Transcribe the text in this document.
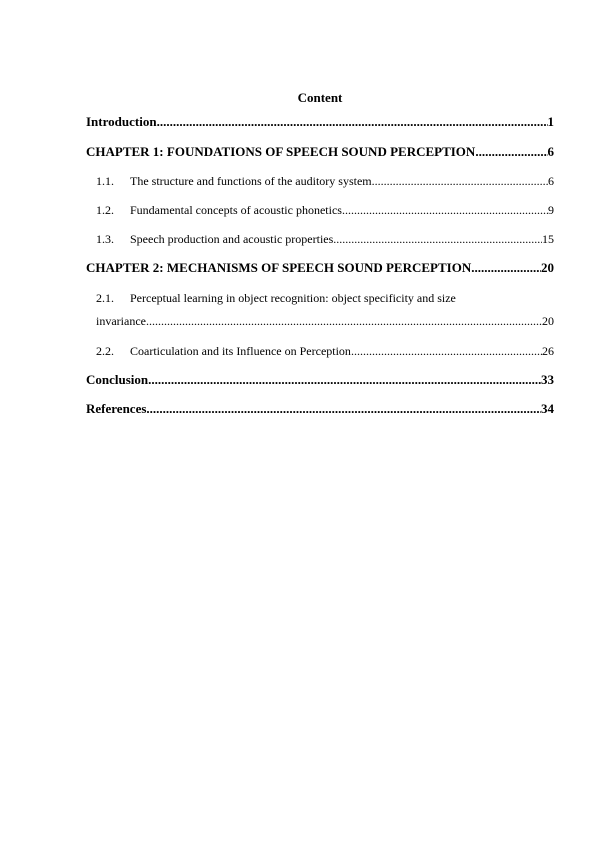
Content
Introduction .....	1
CHAPTER 1: FOUNDATIONS OF SPEECH SOUND PERCEPTION .....	6
1.1.	The structure and functions of the auditory system .....	6
1.2.	Fundamental concepts of acoustic phonetics .....	9
1.3.	Speech production and acoustic properties .....	15
CHAPTER 2: MECHANISMS OF SPEECH SOUND PERCEPTION .....	20
2.1. Perceptual learning in object recognition: object specificity and size
invariance .....	20
2.2.	Coarticulation and its Influence on Perception .....	26
Conclusion .....	33
References .....	34
